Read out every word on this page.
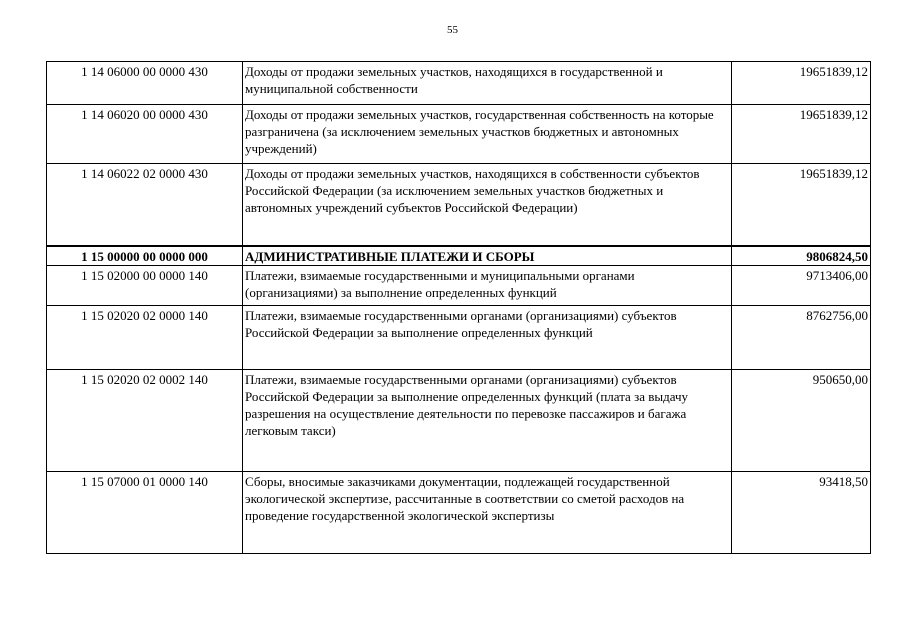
55
1 14 06000 00 0000 430	Доходы от продажи земельных участков, находящихся в государственной и муниципальной собственности	19651839,12
1 14 06020 00 0000 430	Доходы от продажи земельных участков, государственная собственность на которые разграничена (за исключением земельных участков бюджетных и автономных учреждений)	19651839,12
1 14 06022 02 0000 430	Доходы от продажи земельных участков, находящихся в собственности субъектов Российской Федерации (за исключением земельных участков бюджетных и автономных учреждений субъектов Российской Федерации)	19651839,12
1 15 00000 00 0000 000	АДМИНИСТРАТИВНЫЕ ПЛАТЕЖИ И СБОРЫ	9806824,50
1 15 02000 00 0000 140	Платежи, взимаемые государственными и муниципальными органами (организациями) за выполнение определенных функций	9713406,00
1 15 02020 02 0000 140	Платежи, взимаемые государственными органами (организациями) субъектов Российской Федерации за выполнение определенных функций	8762756,00
1 15 02020 02 0002 140	Платежи, взимаемые государственными органами (организациями) субъектов Российской Федерации за выполнение определенных функций (плата за выдачу разрешения на осуществление деятельности по перевозке пассажиров и багажа легковым такси)	950650,00
1 15 07000 01 0000 140	Сборы, вносимые заказчиками документации, подлежащей государственной экологической экспертизе, рассчитанные в соответствии со сметой расходов на проведение государственной экологической экспертизы	93418,50
